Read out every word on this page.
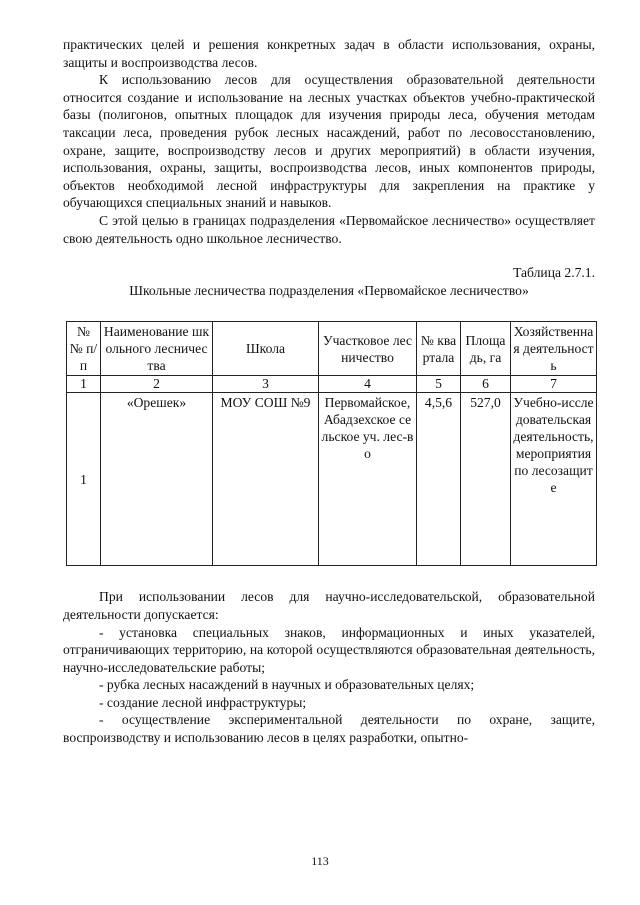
практических целей и решения конкретных задач в области использования, охраны, защиты и воспроизводства лесов.

К использованию лесов для осуществления образовательной деятельности относится создание и использование на лесных участках объектов учебно-практической базы (полигонов, опытных площадок для изучения природы леса, обучения методам таксации леса, проведения рубок лесных насаждений, работ по лесовосстановлению, охране, защите, воспроизводству лесов и других мероприятий) в области изучения, использования, охраны, защиты, воспроизводства лесов, иных компонентов природы, объектов необходимой лесной инфраструктуры для закрепления на практике у обучающихся специальных знаний и навыков.

С этой целью в границах подразделения «Первомайское лесничество» осуществляет свою деятельность одно школьное лесничество.

Таблица 2.7.1.
Школьные лесничества подразделения «Первомайское лесничество»
№ № п/п	Наименование школьного лесничества	Школа	Участковое лесничество	№ квартала	Площадь, га	Хозяйственная деятельность
1	2	3	4	5	6	7
1	«Орешек»	МОУ СОШ №9	Первомайское, Абадзехское сельское уч. лес-во	4,5,6	527,0	Учебно-исследовательская деятельность, мероприятия по лесозащите

При использовании лесов для научно-исследовательской, образовательной деятельности допускается:

- установка специальных знаков, информационных и иных указателей, отграничивающих территорию, на которой осуществляются образовательная деятельность, научно-исследовательские работы;

- рубка лесных насаждений в научных и образовательных целях;

- создание лесной инфраструктуры;

- осуществление экспериментальной деятельности по охране, защите, воспроизводству и использованию лесов в целях разработки, опытно-

113
